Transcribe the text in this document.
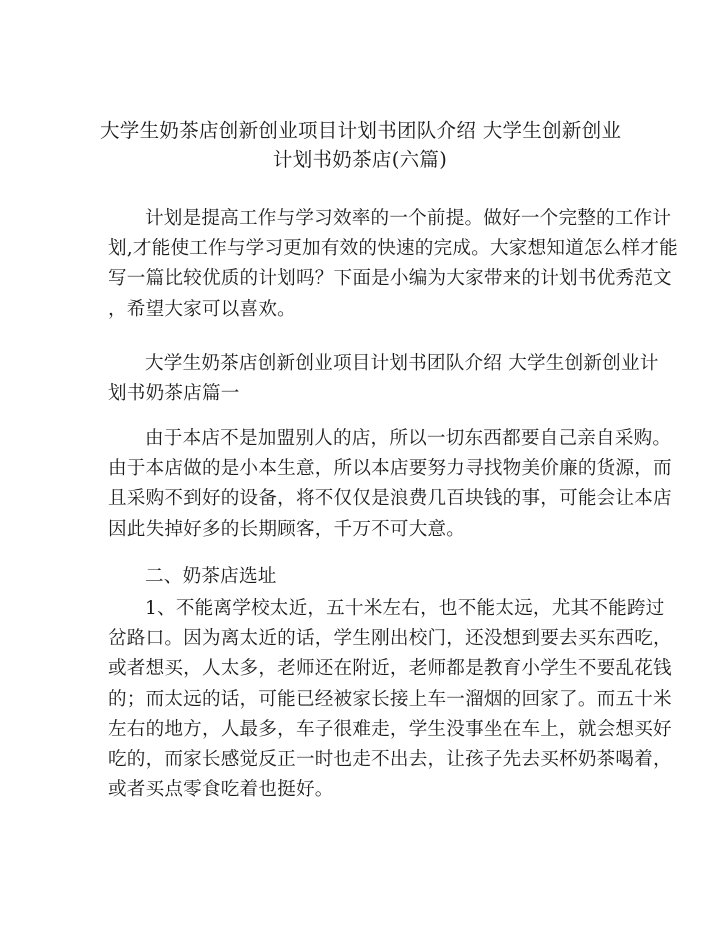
大学生奶茶店创新创业项目计划书团队介绍 大学生创新创业
计划书奶茶店(六篇)

计划是提高工作与学习效率的一个前提。做好一个完整的工作计
划,才能使工作与学习更加有效的快速的完成。大家想知道怎么样才能
写一篇比较优质的计划吗？下面是小编为大家带来的计划书优秀范文
，希望大家可以喜欢。

大学生奶茶店创新创业项目计划书团队介绍 大学生创新创业计
划书奶茶店篇一

由于本店不是加盟别人的店，所以一切东西都要自己亲自采购。
由于本店做的是小本生意，所以本店要努力寻找物美价廉的货源，而
且采购不到好的设备，将不仅仅是浪费几百块钱的事，可能会让本店
因此失掉好多的长期顾客，千万不可大意。

二、奶茶店选址

1、不能离学校太近，五十米左右，也不能太远，尤其不能跨过
岔路口。因为离太近的话，学生刚出校门，还没想到要去买东西吃，
或者想买，人太多，老师还在附近，老师都是教育小学生不要乱花钱
的；而太远的话，可能已经被家长接上车一溜烟的回家了。而五十米
左右的地方，人最多，车子很难走，学生没事坐在车上，就会想买好
吃的，而家长感觉反正一时也走不出去，让孩子先去买杯奶茶喝着，
或者买点零食吃着也挺好。
